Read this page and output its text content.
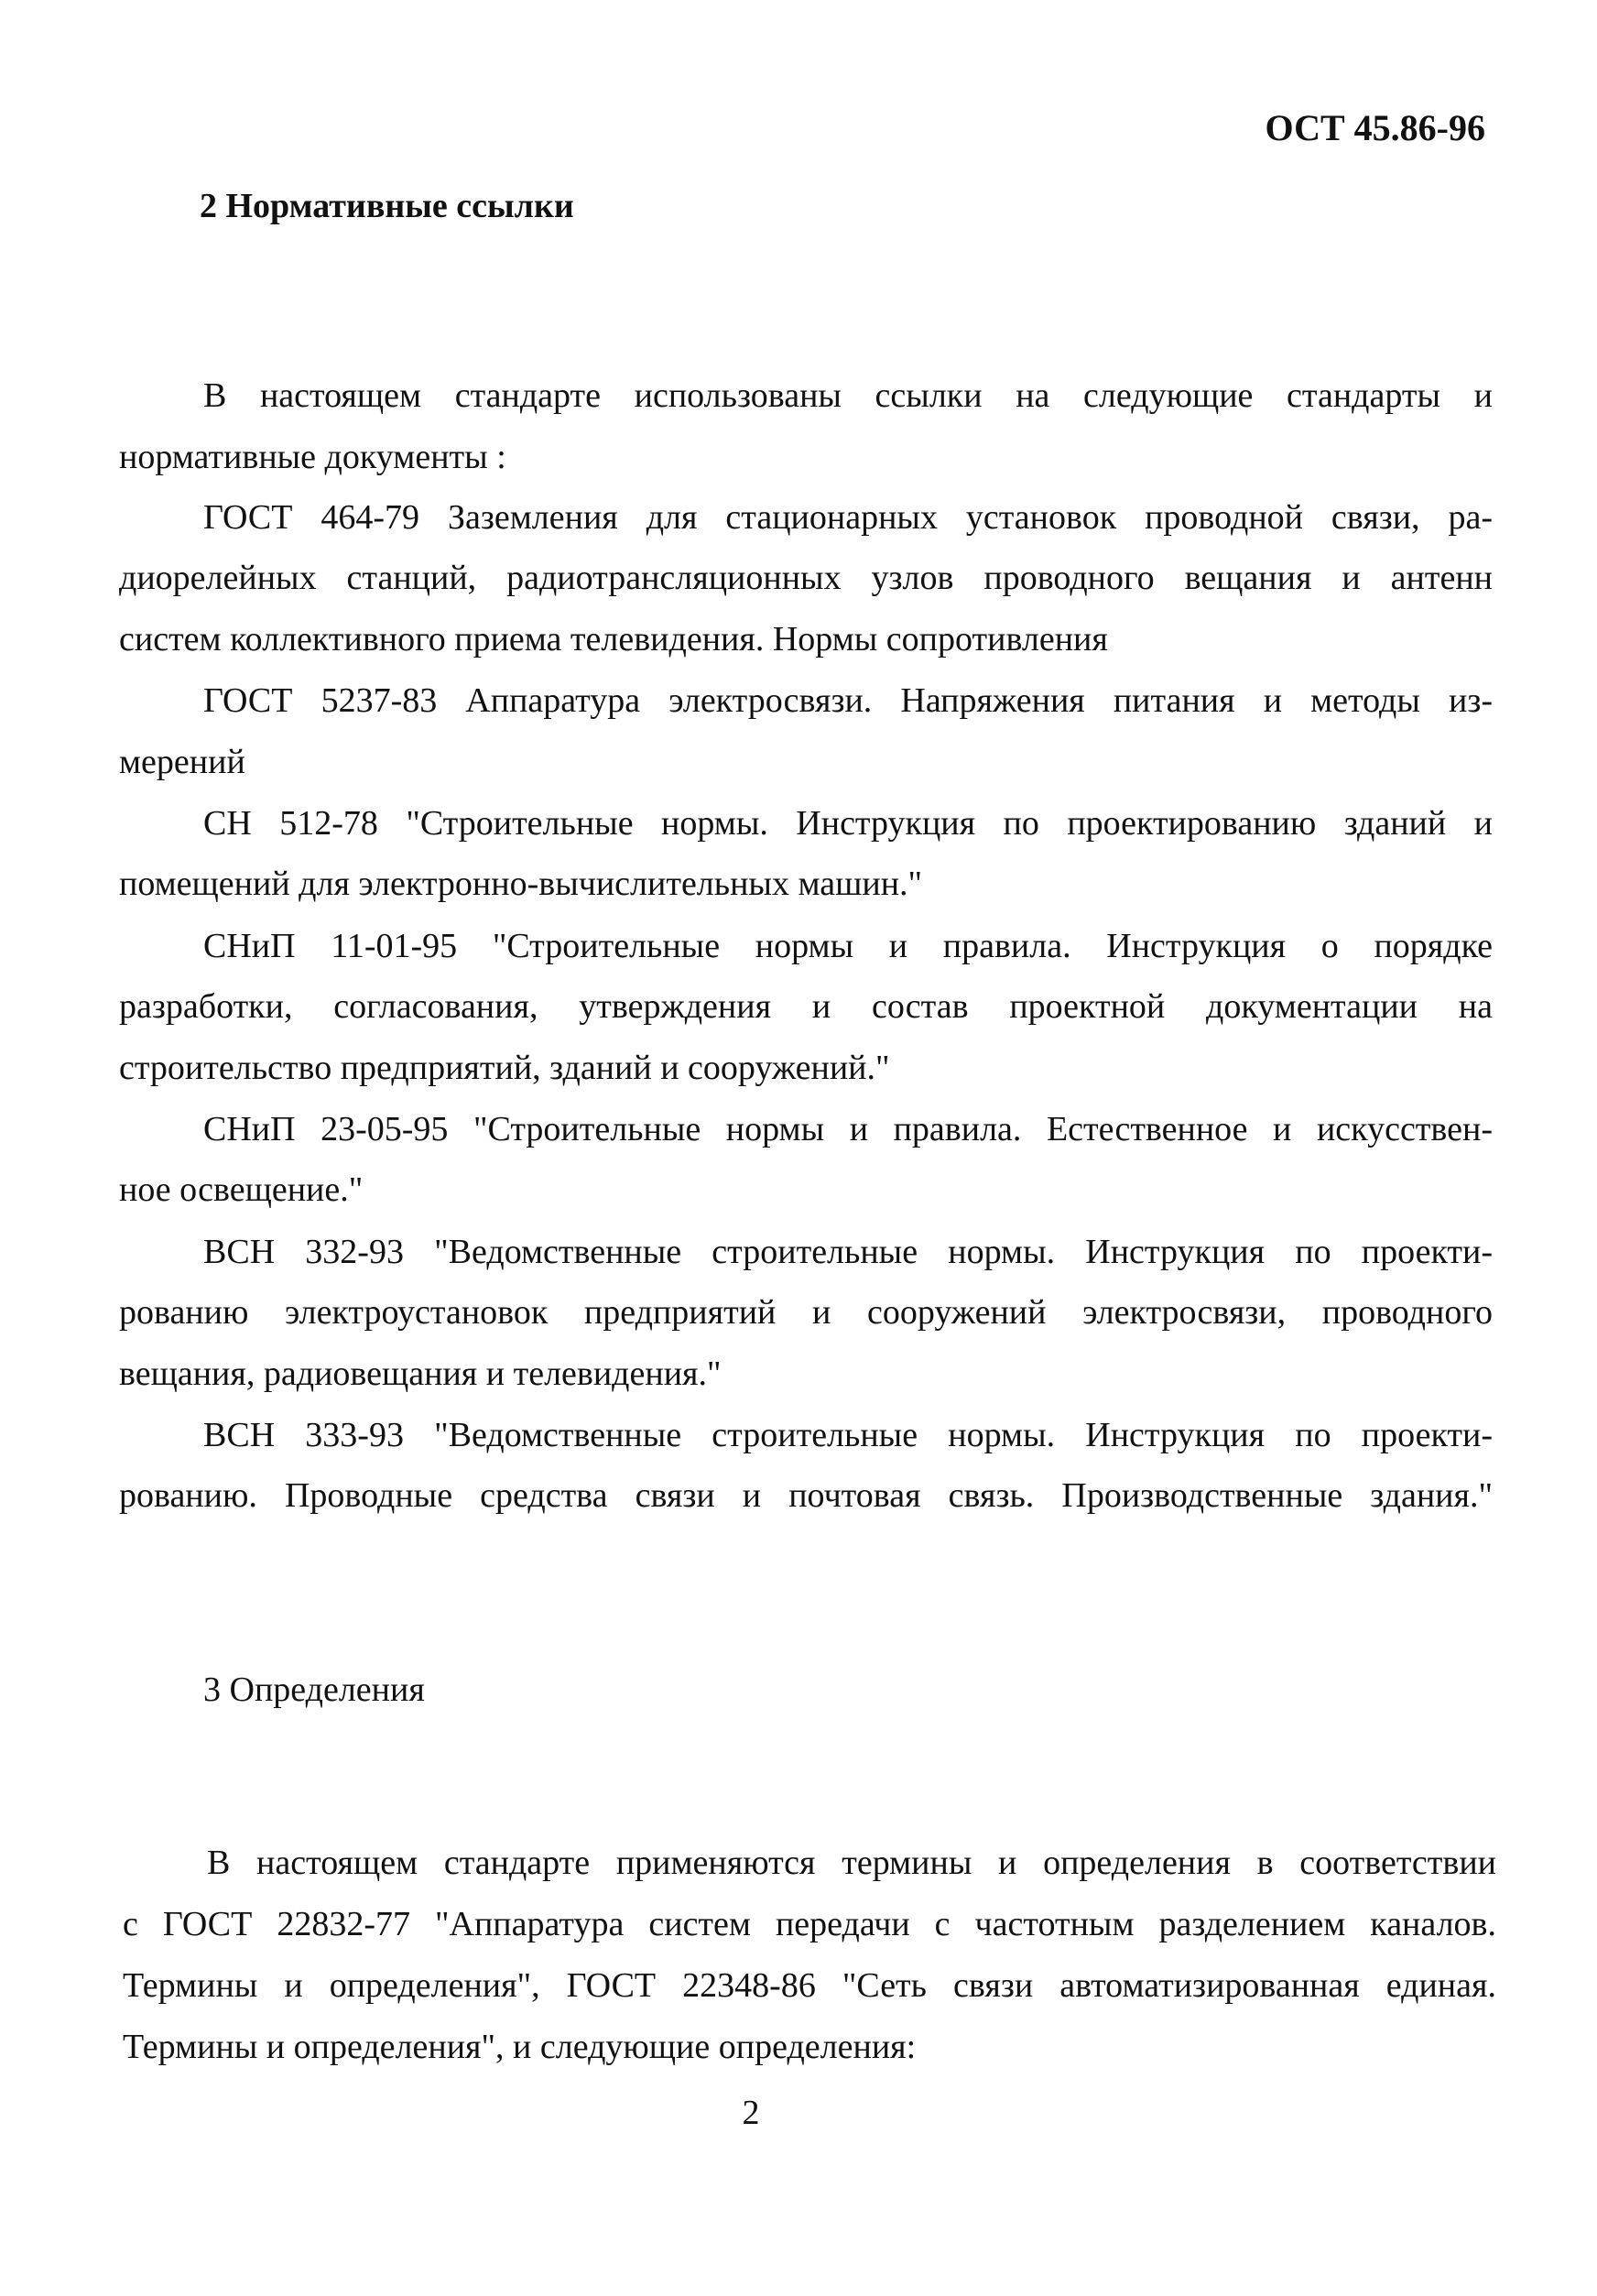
ОСТ 45.86-96
2 Нормативные ссылки
В настоящем стандарте использованы ссылки на следующие стандарты и
нормативные документы :
ГОСТ 464-79 Заземления для стационарных установок проводной связи, ра-
диорелейных станций, радиотрансляционных узлов проводного вещания и антенн
систем коллективного приема телевидения. Нормы сопротивления
ГОСТ 5237-83 Аппаратура электросвязи. Напряжения питания и методы из-
мерений
СН 512-78 "Строительные нормы. Инструкция по проектированию зданий и
помещений для электронно-вычислительных машин."
СНиП 11-01-95 "Строительные нормы и правила. Инструкция о порядке
разработки, согласования, утверждения и состав проектной документации на
строительство предприятий, зданий и сооружений."
СНиП 23-05-95 "Строительные нормы и правила. Естественное и искусствен-
ное освещение."
ВСН 332-93 "Ведомственные строительные нормы. Инструкция по проекти-
рованию электроустановок предприятий и сооружений электросвязи, проводного
вещания, радиовещания и телевидения."
ВСН 333-93 "Ведомственные строительные нормы. Инструкция по проекти-
рованию. Проводные средства связи и почтовая связь. Производственные здания."
3 Определения
В настоящем стандарте применяются термины и определения в соответствии
с ГОСТ 22832-77 "Аппаратура систем передачи с частотным разделением каналов.
Термины и определения", ГОСТ 22348-86 "Сеть связи автоматизированная единая.
Термины и определения", и следующие определения:
2
